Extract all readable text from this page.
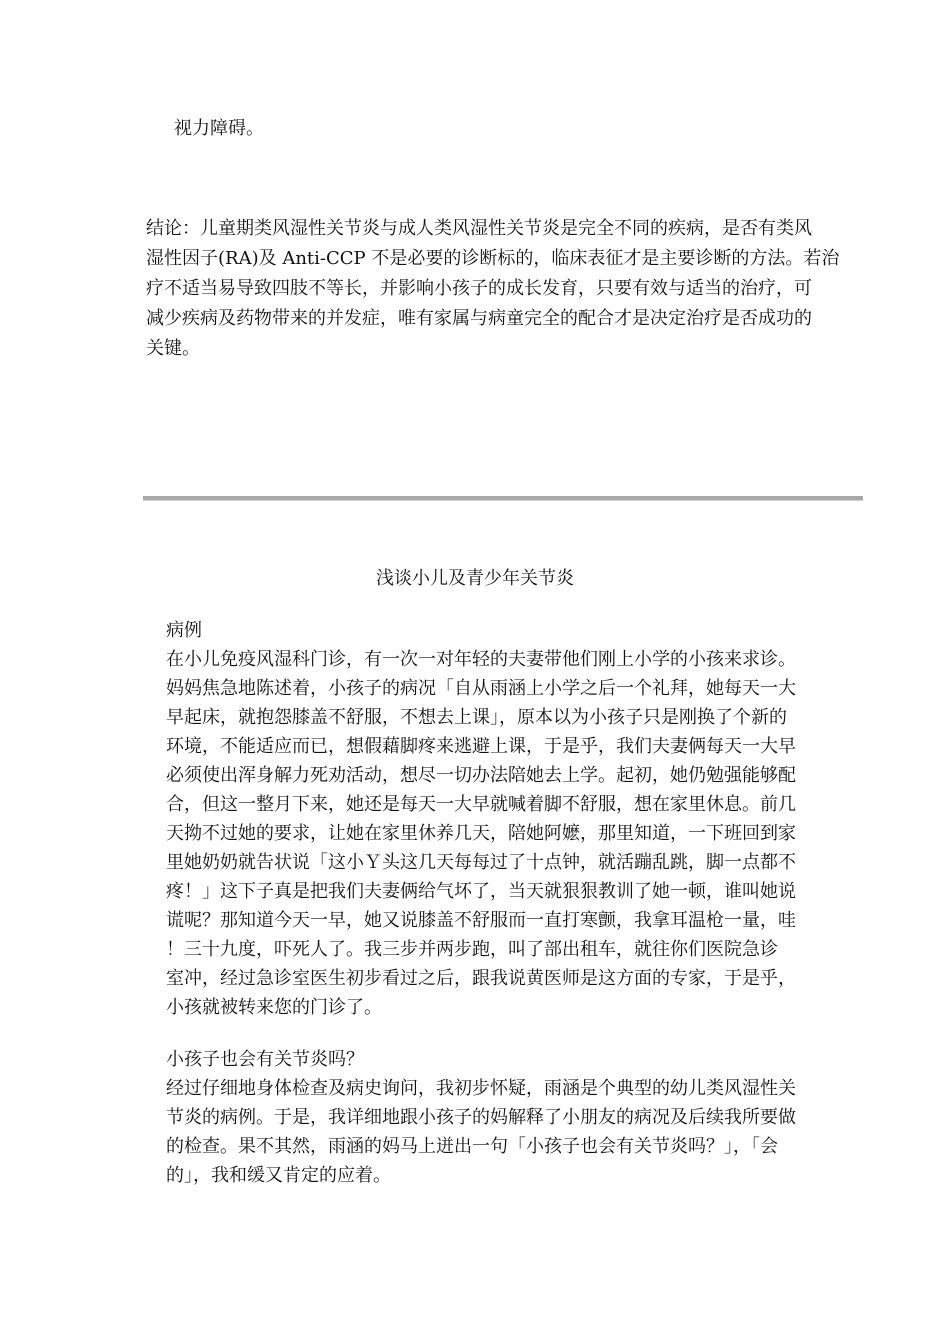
视力障碍。
结论：儿童期类风湿性关节炎与成人类风湿性关节炎是完全不同的疾病，是否有类风
湿性因子(RA)及 Anti-CCP 不是必要的诊断标的，临床表征才是主要诊断的方法。若治
疗不适当易导致四肢不等长，并影响小孩子的成长发育，只要有效与适当的治疗，可
减少疾病及药物带来的并发症，唯有家属与病童完全的配合才是决定治疗是否成功的
关键。
浅谈小儿及青少年关节炎
病例
在小儿免疫风湿科门诊，有一次一对年轻的夫妻带他们刚上小学的小孩来求诊。
妈妈焦急地陈述着，小孩子的病况「自从雨涵上小学之后一个礼拜，她每天一大
早起床，就抱怨膝盖不舒服，不想去上课」，原本以为小孩子只是刚换了个新的
环境，不能适应而已，想假藉脚疼来逃避上课，于是乎，我们夫妻俩每天一大早
必须使出浑身解力死劝活动，想尽一切办法陪她去上学。起初，她仍勉强能够配
合，但这一整月下来，她还是每天一大早就喊着脚不舒服，想在家里休息。前几
天拗不过她的要求，让她在家里休养几天，陪她阿嬷，那里知道，一下班回到家
里她奶奶就告状说「这小Ｙ头这几天每每过了十点钟，就活蹦乱跳，脚一点都不
疼！」这下子真是把我们夫妻俩给气坏了，当天就狠狠教训了她一顿，谁叫她说
谎呢？那知道今天一早，她又说膝盖不舒服而一直打寒颤，我拿耳温枪一量，哇
！三十九度，吓死人了。我三步并两步跑，叫了部出租车，就往你们医院急诊
室冲，经过急诊室医生初步看过之后，跟我说黄医师是这方面的专家，于是乎，
小孩就被转来您的门诊了。
小孩子也会有关节炎吗？
经过仔细地身体检查及病史询问，我初步怀疑，雨涵是个典型的幼儿类风湿性关
节炎的病例。于是，我详细地跟小孩子的妈解释了小朋友的病况及后续我所要做
的检查。果不其然，雨涵的妈马上迸出一句「小孩子也会有关节炎吗？」，「会
的」，我和缓又肯定的应着。
